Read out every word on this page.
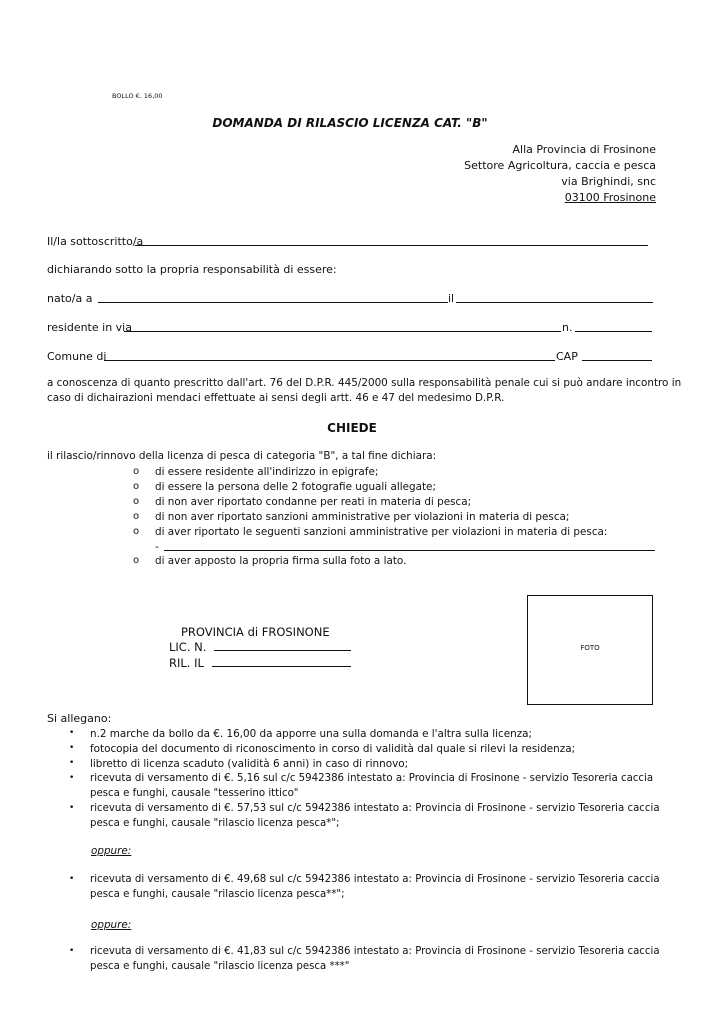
BOLLO €. 16,00
DOMANDA DI RILASCIO LICENZA CAT. "B"
Alla Provincia di Frosinone
Settore Agricoltura, caccia e pesca
via Brighindi, snc
03100 Frosinone
Il/la sottoscritto/a
dichiarando sotto la propria responsabilità di essere:
nato/a a	il
residente in via	n.
Comune di	CAP
a conoscenza di quanto prescritto dall'art. 76 del D.P.R. 445/2000 sulla responsabilità penale cui si può andare incontro in
caso di dichairazioni mendaci effettuate ai sensi degli artt. 46 e 47 del medesimo D.P.R.
CHIEDE
il rilascio/rinnovo della licenza di pesca di categoria "B", a tal fine dichiara:
o di essere residente all'indirizzo in epigrafe;
o di essere la persona delle 2 fotografie uguali allegate;
o di non aver riportato condanne per reati in materia di pesca;
o di non aver riportato sanzioni amministrative per violazioni in materia di pesca;
o di aver riportato le seguenti sanzioni amministrative per violazioni in materia di pesca:
-
o di aver apposto la propria firma sulla foto a lato.
PROVINCIA di FROSINONE
LIC. N.
RIL. IL
FOTO
Si allegano:
• n.2 marche da bollo da €. 16,00 da apporre una sulla domanda e l'altra sulla licenza;
• fotocopia del documento di riconoscimento in corso di validità dal quale si rilevi la residenza;
• libretto di licenza scaduto (validità 6 anni) in caso di rinnovo;
• ricevuta di versamento di €. 5,16 sul c/c 5942386 intestato a: Provincia di Frosinone - servizio Tesoreria caccia
pesca e funghi, causale "tesserino ittico"
• ricevuta di versamento di €. 57,53 sul c/c 5942386 intestato a: Provincia di Frosinone - servizio Tesoreria caccia
pesca e funghi, causale "rilascio licenza pesca*";
oppure:
• ricevuta di versamento di €. 49,68 sul c/c 5942386 intestato a: Provincia di Frosinone - servizio Tesoreria caccia
pesca e funghi, causale "rilascio licenza pesca**";
oppure:
• ricevuta di versamento di €. 41,83 sul c/c 5942386 intestato a: Provincia di Frosinone - servizio Tesoreria caccia
pesca e funghi, causale "rilascio licenza pesca ***"
